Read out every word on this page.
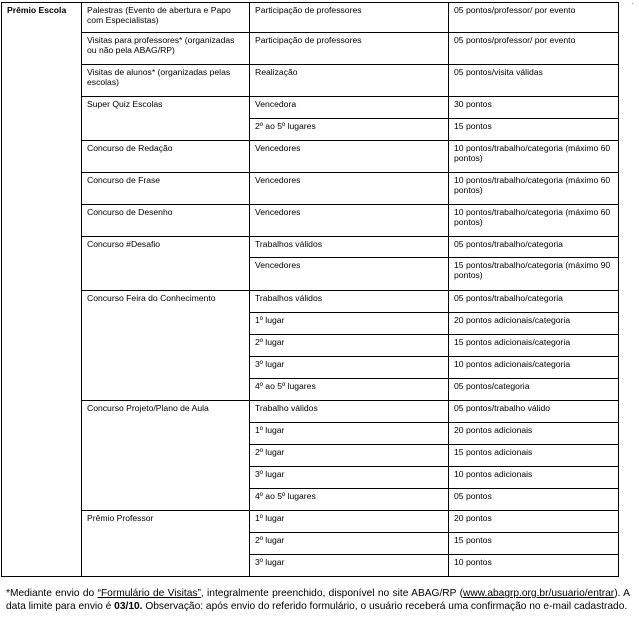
.
Prêmio Escola	Palestras (Evento de abertura e Papo com Especialistas)	Participação de professores	05 pontos/professor/ por evento
	Visitas para professores* (organizadas ou não pela ABAG/RP)	Participação de professores	05 pontos/professor/ por evento
	Visitas de alunos* (organizadas pelas escolas)	Realização	05 pontos/visita válidas
	Super Quiz Escolas	Vencedora	30 pontos
		2º ao 5º lugares	15 pontos
	Concurso de Redação	Vencedores	10 pontos/trabalho/categoria (máximo 60 pontos)
	Concurso de Frase	Vencedores	10 pontos/trabalho/categoria (máximo 60 pontos)
	Concurso de Desenho	Vencedores	10 pontos/trabalho/categoria (máximo 60 pontos)
	Concurso #Desafio	Trabalhos válidos	05 pontos/trabalho/categoria
		Vencedores	15 pontos/trabalho/categoria (máximo 90 pontos)
	Concurso Feira do Conhecimento	Trabalhos válidos	05 pontos/trabalho/categoria
		1º lugar	20 pontos adicionais/categoria
		2º lugar	15 pontos adicionais/categoria
		3º lugar	10 pontos adicionais/categoria
		4º ao 5º lugares	05 pontos/categoria
	Concurso Projeto/Plano de Aula	Trabalho válidos	05 pontos/trabalho válido
		1º lugar	20 pontos adicionais
		2º lugar	15 pontos adicionais
		3º lugar	10 pontos adicionais
		4º ao 5º lugares	05 pontos
	Prêmio Professor	1º lugar	20 pontos
		2º lugar	15 pontos
		3º lugar	10 pontos
*Mediante envio do “Formulário de Visitas”, integralmente preenchido, disponível no site ABAG/RP (www.abagrp.org.br/usuario/entrar). A data limite para envio é 03/10. Observação: após envio do referido formulário, o usuário receberá uma confirmação no e-mail cadastrado.
